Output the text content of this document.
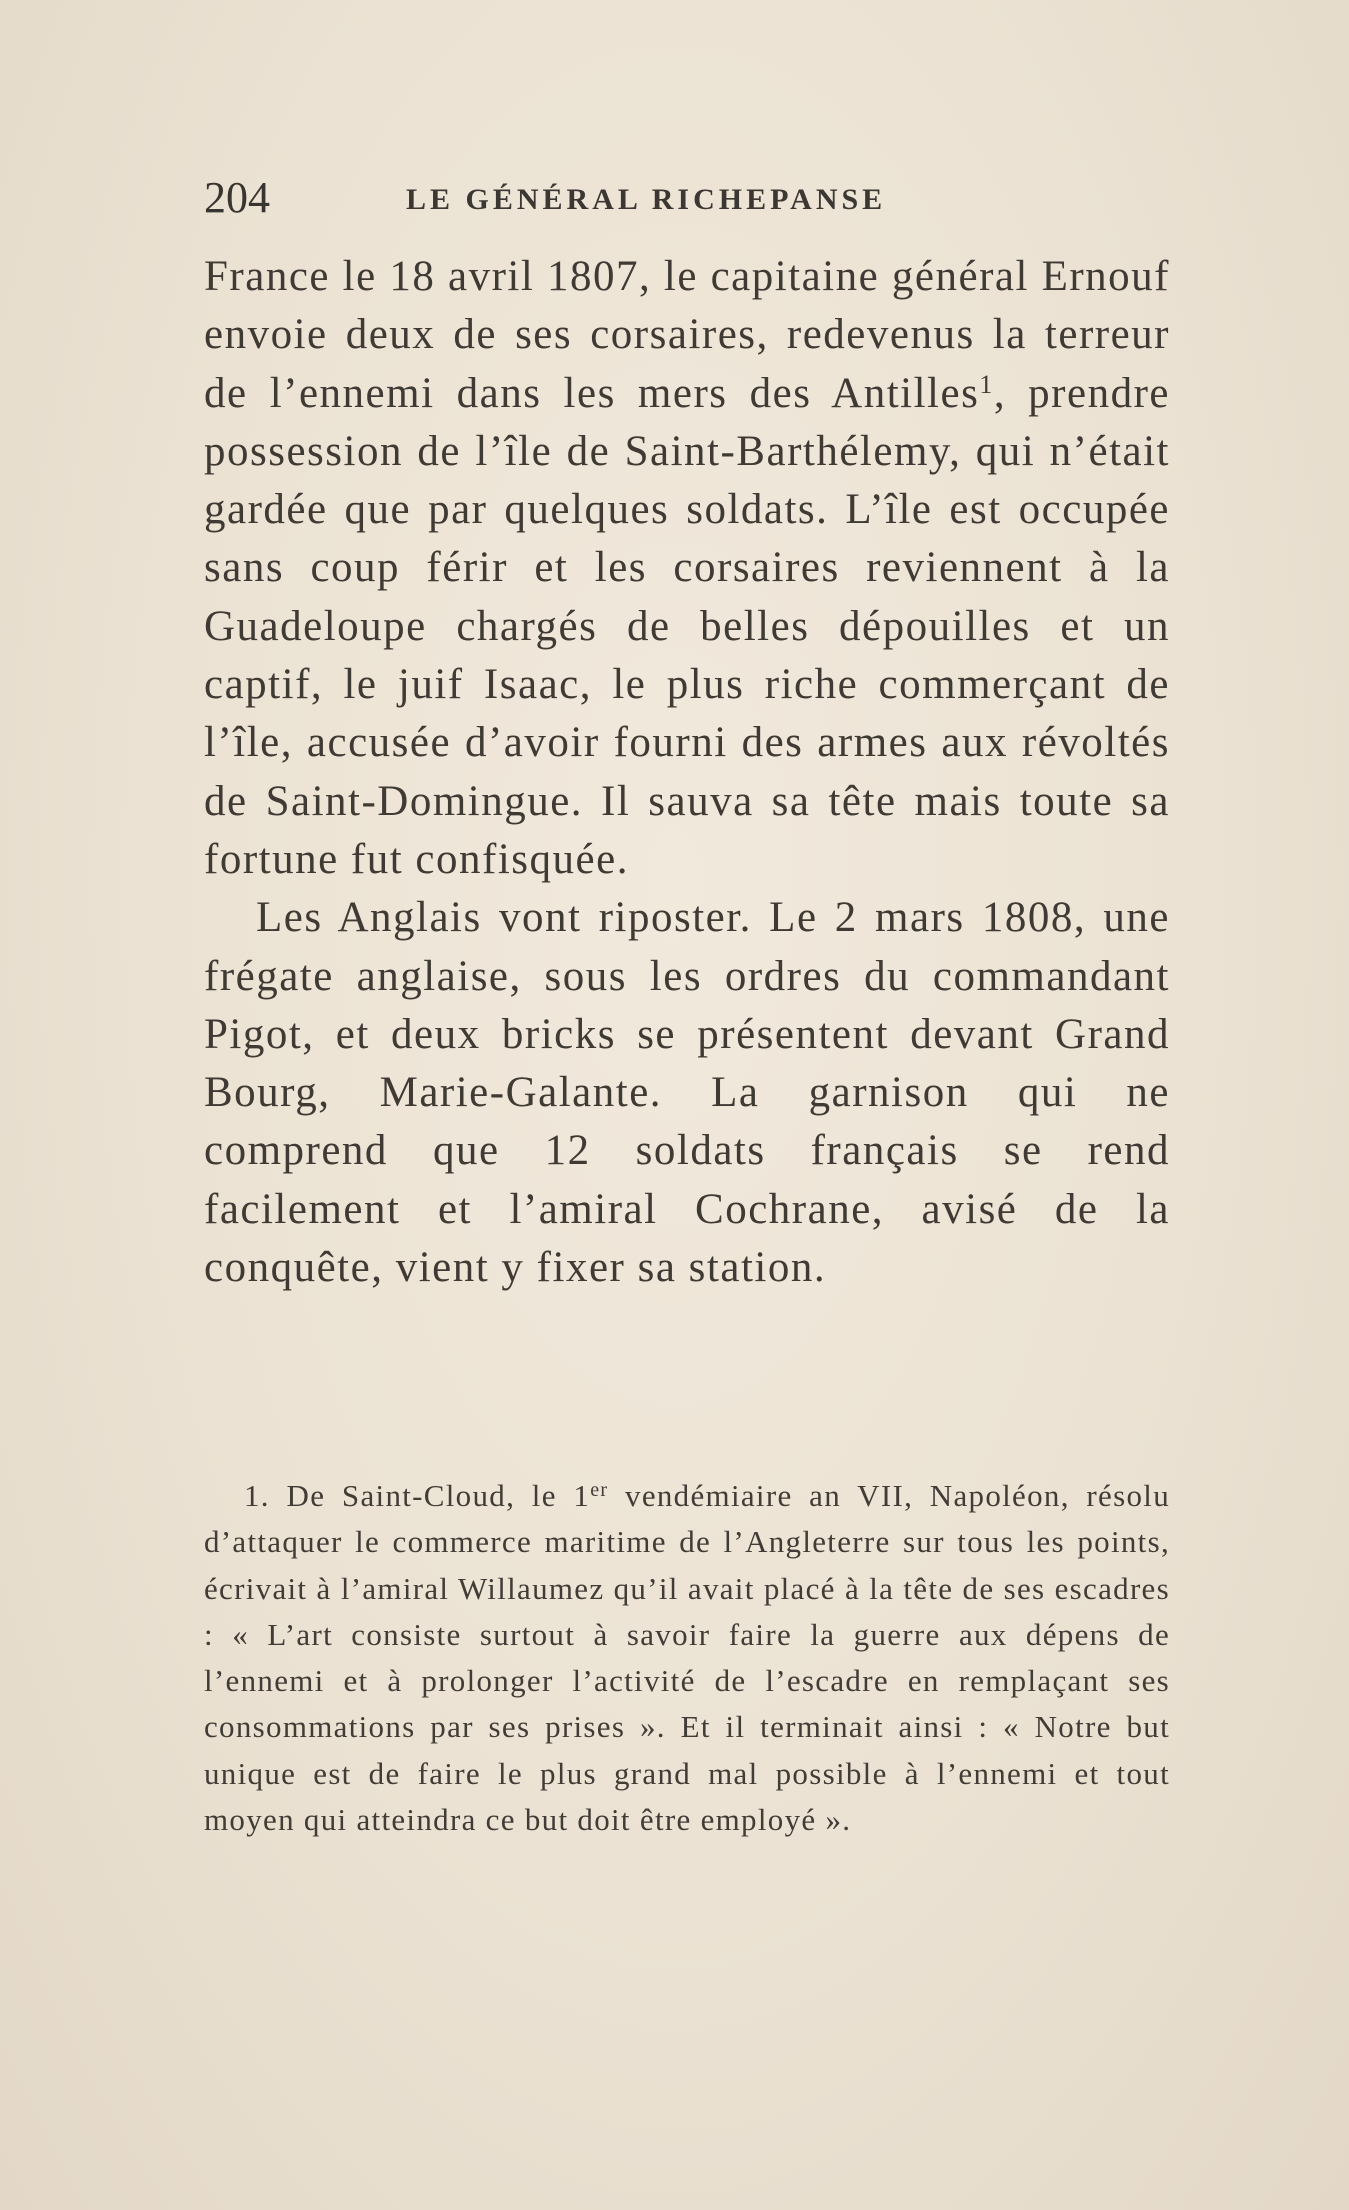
204	LE GÉNÉRAL RICHEPANSE

France le 18 avril 1807, le capitaine général Ernouf envoie deux de ses corsaires, redevenus la terreur de l’ennemi dans les mers des Antilles$^1$, prendre possession de l’île de Saint-Barthélemy, qui n’était gardée que par quelques soldats. L’île est occupée sans coup férir et les corsaires reviennent à la Guadeloupe chargés de belles dépouilles et un captif, le juif Isaac, le plus riche commerçant de l’île, accusée d’avoir fourni des armes aux révoltés de Saint-Domingue. Il sauva sa tête mais toute sa fortune fut confisquée.

Les Anglais vont riposter. Le 2 mars 1808, une frégate anglaise, sous les ordres du commandant Pigot, et deux bricks se présentent devant Grand Bourg, Marie-Galante. La garnison qui ne comprend que 12 soldats français se rend facilement et l’amiral Cochrane, avisé de la conquête, vient y fixer sa station.

1. De Saint-Cloud, le 1er vendémiaire an VII, Napoléon, résolu d’attaquer le commerce maritime de l’Angleterre sur tous les points, écrivait à l’amiral Willaumez qu’il avait placé à la tête de ses escadres : « L’art consiste surtout à savoir faire la guerre aux dépens de l’ennemi et à prolonger l’activité de l’escadre en remplaçant ses consommations par ses prises ». Et il terminait ainsi : « Notre but unique est de faire le plus grand mal possible à l’ennemi et tout moyen qui atteindra ce but doit être employé ».
